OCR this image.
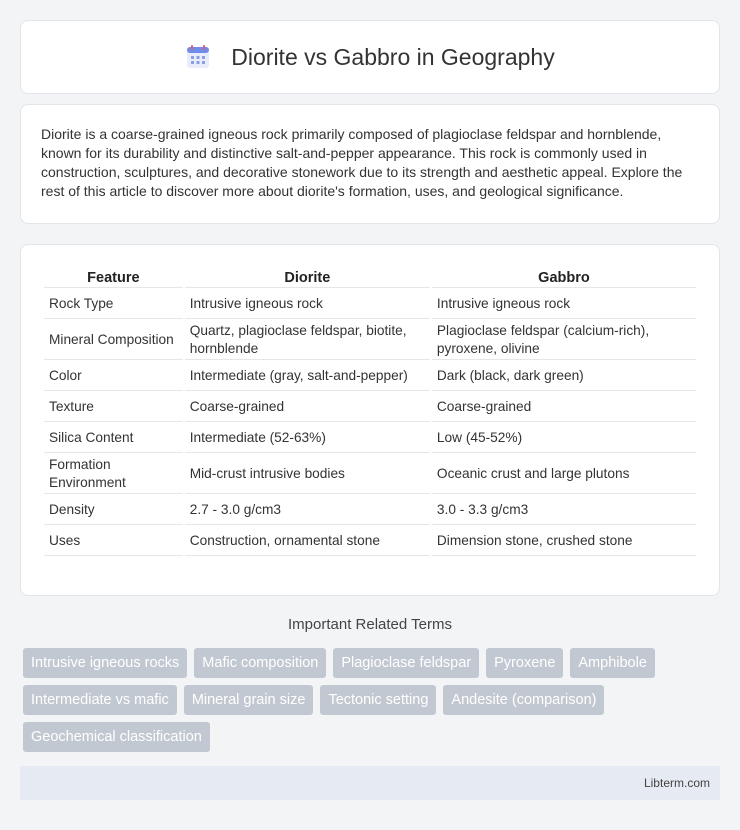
Diorite vs Gabbro in Geography

Diorite is a coarse-grained igneous rock primarily composed of plagioclase feldspar and hornblende, known for its durability and distinctive salt-and-pepper appearance. This rock is commonly used in construction, sculptures, and decorative stonework due to its strength and aesthetic appeal. Explore the rest of this article to discover more about diorite's formation, uses, and geological significance.

Feature	Diorite	Gabbro
Rock Type	Intrusive igneous rock	Intrusive igneous rock
Mineral Composition	Quartz, plagioclase feldspar, biotite, hornblende	Plagioclase feldspar (calcium-rich), pyroxene, olivine
Color	Intermediate (gray, salt-and-pepper)	Dark (black, dark green)
Texture	Coarse-grained	Coarse-grained
Silica Content	Intermediate (52-63%)	Low (45-52%)
Formation Environment	Mid-crust intrusive bodies	Oceanic crust and large plutons
Density	2.7 - 3.0 g/cm3	3.0 - 3.3 g/cm3
Uses	Construction, ornamental stone	Dimension stone, crushed stone
Important Related Terms
Intrusive igneous rocks	Mafic composition	Plagioclase feldspar	Pyroxene	Amphibole
Intermediate vs mafic	Mineral grain size	Tectonic setting	Andesite (comparison)
Geochemical classification
Libterm.com
